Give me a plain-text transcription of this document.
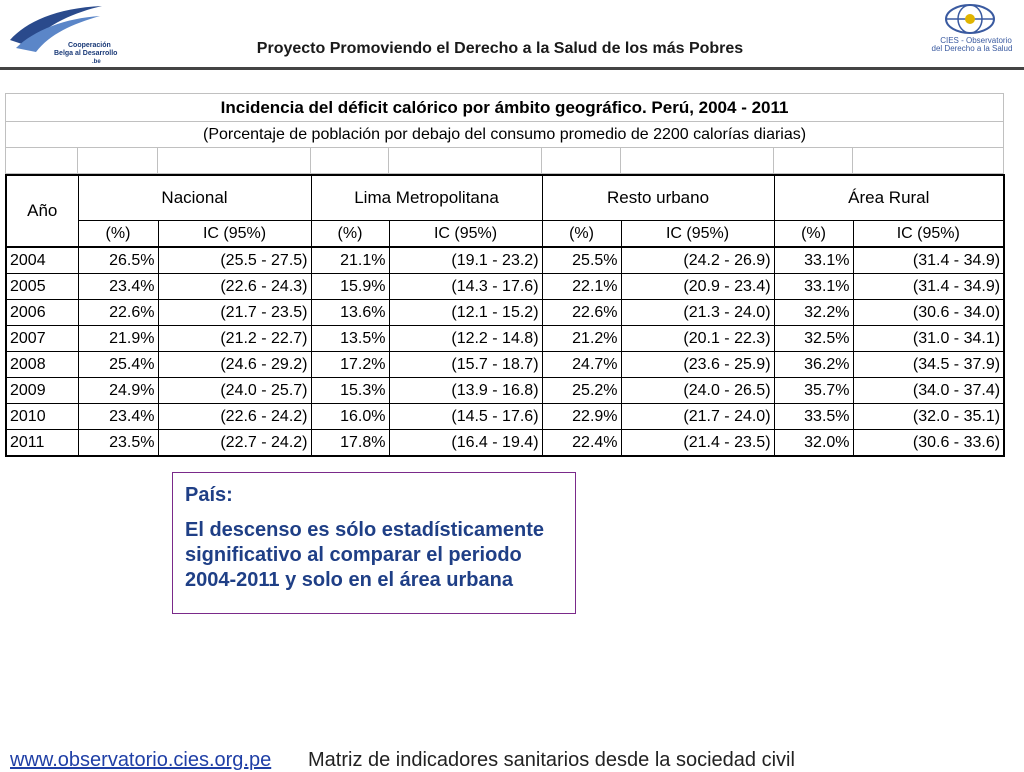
Cooperación
Belga al Desarrollo
.be
Proyecto Promoviendo el Derecho a la Salud de los más Pobres	CIES - Observatorio
del Derecho a la Salud
Incidencia del déficit calórico por ámbito geográfico. Perú, 2004 - 2011
(Porcentaje de población por debajo del consumo promedio de 2200 calorías diarias)

Año	Nacional		Lima Metropolitana		Resto urbano		Área Rural	
	(%)	IC (95%)	(%)	IC (95%)	(%)	IC (95%)	(%)	IC (95%)
2004	26.5%	(25.5 - 27.5)	21.1%	(19.1 - 23.2)	25.5%	(24.2 - 26.9)	33.1%	(31.4 - 34.9)
2005	23.4%	(22.6 - 24.3)	15.9%	(14.3 - 17.6)	22.1%	(20.9 - 23.4)	33.1%	(31.4 - 34.9)
2006	22.6%	(21.7 - 23.5)	13.6%	(12.1 - 15.2)	22.6%	(21.3 - 24.0)	32.2%	(30.6 - 34.0)
2007	21.9%	(21.2 - 22.7)	13.5%	(12.2 - 14.8)	21.2%	(20.1 - 22.3)	32.5%	(31.0 - 34.1)
2008	25.4%	(24.6 - 29.2)	17.2%	(15.7 - 18.7)	24.7%	(23.6 - 25.9)	36.2%	(34.5 - 37.9)
2009	24.9%	(24.0 - 25.7)	15.3%	(13.9 - 16.8)	25.2%	(24.0 - 26.5)	35.7%	(34.0 - 37.4)
2010	23.4%	(22.6 - 24.2)	16.0%	(14.5 - 17.6)	22.9%	(21.7 - 24.0)	33.5%	(32.0 - 35.1)
2011	23.5%	(22.7 - 24.2)	17.8%	(16.4 - 19.4)	22.4%	(21.4 - 23.5)	32.0%	(30.6 - 33.6)
País:
El descenso es sólo estadísticamente significativo al comparar el periodo 2004-2011 y solo en el área urbana
www.observatorio.cies.org.pe Matriz de indicadores sanitarios desde la sociedad civil
